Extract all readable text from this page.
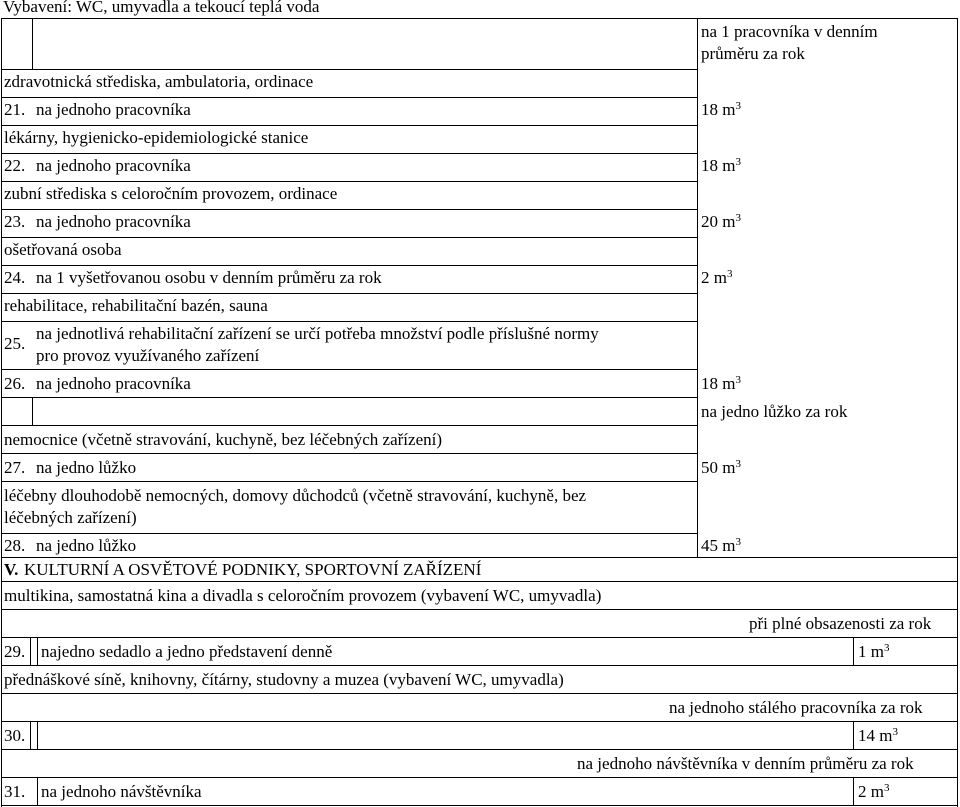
Vybavení: WC, umyvadla a tekoucí teplá voda
na 1 pracovníka v denním
průměru za rok
zdravotnická střediska, ambulatoria, ordinace
21. na jednoho pracovníka	18 $m^3$
lékárny, hygienicko-epidemiologické stanice
22. na jednoho pracovníka	18 $m^3$
zubní střediska s celoročním provozem, ordinace
23. na jednoho pracovníka	20 $m^3$
ošetřovaná osoba
24. na 1 vyšetřovanou osobu v denním průměru za rok	2 $m^3$
rehabilitace, rehabilitační bazén, sauna
25.
na jednotlivá rehabilitační zařízení se určí potřeba množství podle příslušné normy
pro provoz využívaného zařízení
26. na jednoho pracovníka	18 $m^3$
na jedno lůžko za rok
nemocnice (včetně stravování, kuchyně, bez léčebných zařízení)
27. na jedno lůžko	50 $m^3$
léčebny dlouhodobě nemocných, domovy důchodců (včetně stravování, kuchyně, bez
léčebných zařízení)
28. na jedno lůžko	45 $m^3$
V. KULTURNÍ A OSVĚTOVÉ PODNIKY, SPORTOVNÍ ZAŘÍZENÍ
multikina, samostatná kina a divadla s celoročním provozem (vybavení WC, umyvadla)
při plné obsazenosti za rok
29. najedno sedadlo a jedno představení denně	1 $m^3$
přednáškové síně, knihovny, čítárny, studovny a muzea (vybavení WC, umyvadla)
na jednoho stálého pracovníka za rok
30.	14 $m^3$
na jednoho návštěvníka v denním průměru za rok
31. na jednoho návštěvníka	2 $m^3$
